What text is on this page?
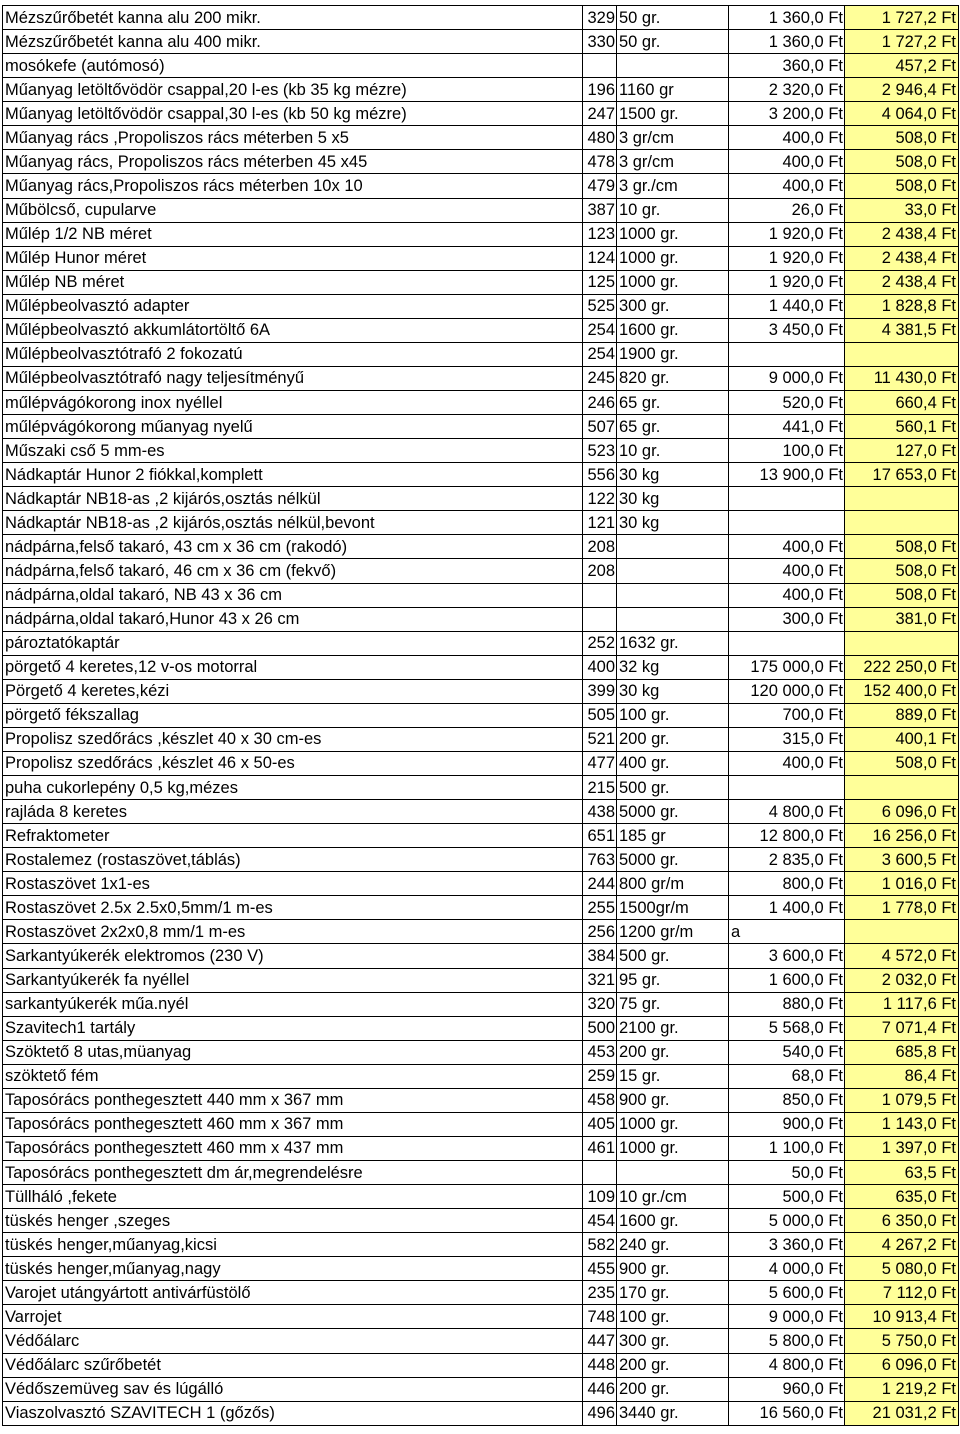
Mézszűrőbetét kanna alu 200 mikr.	329	50 gr.	1 360,0 Ft	1 727,2 Ft
Mézszűrőbetét kanna alu 400 mikr.	330	50 gr.	1 360,0 Ft	1 727,2 Ft
mosókefe (autómosó)			360,0 Ft	457,2 Ft
Műanyag letöltővödör csappal,20 l-es (kb 35 kg mézre)	196	1160 gr	2 320,0 Ft	2 946,4 Ft
Műanyag letöltővödör csappal,30 l-es (kb 50 kg mézre)	247	1500 gr.	3 200,0 Ft	4 064,0 Ft
Műanyag rács ,Propoliszos rács méterben 5 x5	480	3 gr/cm	400,0 Ft	508,0 Ft
Műanyag rács, Propoliszos rács méterben 45 x45	478	3 gr/cm	400,0 Ft	508,0 Ft
Műanyag rács,Propoliszos rács méterben 10x 10	479	3 gr./cm	400,0 Ft	508,0 Ft
Műbölcső, cupularve	387	10 gr.	26,0 Ft	33,0 Ft
Műlép 1/2 NB méret	123	1000 gr.	1 920,0 Ft	2 438,4 Ft
Műlép Hunor méret	124	1000 gr.	1 920,0 Ft	2 438,4 Ft
Műlép NB méret	125	1000 gr.	1 920,0 Ft	2 438,4 Ft
Műlépbeolvasztó adapter	525	300 gr.	1 440,0 Ft	1 828,8 Ft
Műlépbeolvasztó akkumlátortöltő 6A	254	1600 gr.	3 450,0 Ft	4 381,5 Ft
Műlépbeolvasztótrafó 2 fokozatú	254	1900 gr.		
Műlépbeolvasztótrafó nagy teljesítményű	245	820 gr.	9 000,0 Ft	11 430,0 Ft
műlépvágókorong inox nyéllel	246	65 gr.	520,0 Ft	660,4 Ft
műlépvágókorong műanyag nyelű	507	65 gr.	441,0 Ft	560,1 Ft
Műszaki cső 5 mm-es	523	10 gr.	100,0 Ft	127,0 Ft
Nádkaptár Hunor 2 fiókkal,komplett	556	30 kg	13 900,0 Ft	17 653,0 Ft
Nádkaptár NB18-as ,2 kijárós,osztás nélkül	122	30 kg		
Nádkaptár NB18-as ,2 kijárós,osztás nélkül,bevont	121	30 kg		
nádpárna,felső takaró, 43 cm x 36 cm (rakodó)	208		400,0 Ft	508,0 Ft
nádpárna,felső takaró, 46 cm x 36 cm (fekvő)	208		400,0 Ft	508,0 Ft
nádpárna,oldal takaró, NB 43 x 36 cm			400,0 Ft	508,0 Ft
nádpárna,oldal takaró,Hunor 43 x 26 cm			300,0 Ft	381,0 Ft
pároztatókaptár	252	1632 gr.		
pörgető 4 keretes,12 v-os motorral	400	32 kg	175 000,0 Ft	222 250,0 Ft
Pörgető 4 keretes,kézi	399	30 kg	120 000,0 Ft	152 400,0 Ft
pörgető fékszallag	505	100 gr.	700,0 Ft	889,0 Ft
Propolisz szedőrács ,készlet 40 x 30 cm-es	521	200 gr.	315,0 Ft	400,1 Ft
Propolisz szedőrács ,készlet 46 x 50-es	477	400 gr.	400,0 Ft	508,0 Ft
puha cukorlepény 0,5 kg,mézes	215	500 gr.		
rajláda 8 keretes	438	5000 gr.	4 800,0 Ft	6 096,0 Ft
Refraktometer	651	185 gr	12 800,0 Ft	16 256,0 Ft
Rostalemez (rostaszövet,táblás)	763	5000 gr.	2 835,0 Ft	3 600,5 Ft
Rostaszövet 1x1-es	244	800 gr/m	800,0 Ft	1 016,0 Ft
Rostaszövet 2.5x 2.5x0,5mm/1 m-es	255	1500gr/m	1 400,0 Ft	1 778,0 Ft
Rostaszövet 2x2x0,8 mm/1 m-es	256	1200 gr/m	a	
Sarkantyúkerék elektromos (230 V)	384	500 gr.	3 600,0 Ft	4 572,0 Ft
Sarkantyúkerék fa nyéllel	321	95 gr.	1 600,0 Ft	2 032,0 Ft
sarkantyúkerék műa.nyél	320	75 gr.	880,0 Ft	1 117,6 Ft
Szavitech1 tartály	500	2100 gr.	5 568,0 Ft	7 071,4 Ft
Szöktető 8 utas,müanyag	453	200 gr.	540,0 Ft	685,8 Ft
szöktető fém	259	15 gr.	68,0 Ft	86,4 Ft
Taposórács ponthegesztett 440 mm x 367 mm	458	900 gr.	850,0 Ft	1 079,5 Ft
Taposórács ponthegesztett 460 mm x 367 mm	405	1000 gr.	900,0 Ft	1 143,0 Ft
Taposórács ponthegesztett 460 mm x 437 mm	461	1000 gr.	1 100,0 Ft	1 397,0 Ft
Taposórács ponthegesztett dm ár,megrendelésre			50,0 Ft	63,5 Ft
Tüllháló ,fekete	109	10 gr./cm	500,0 Ft	635,0 Ft
tüskés henger ,szeges	454	1600 gr.	5 000,0 Ft	6 350,0 Ft
tüskés henger,műanyag,kicsi	582	240 gr.	3 360,0 Ft	4 267,2 Ft
tüskés henger,műanyag,nagy	455	900 gr.	4 000,0 Ft	5 080,0 Ft
Varojet utángyártott antivárfüstölő	235	170 gr.	5 600,0 Ft	7 112,0 Ft
Varrojet	748	100 gr.	9 000,0 Ft	10 913,4 Ft
Védőálarc	447	300 gr.	5 800,0 Ft	5 750,0 Ft
Védőálarc szűrőbetét	448	200 gr.	4 800,0 Ft	6 096,0 Ft
Védőszemüveg sav és lúgálló	446	200 gr.	960,0 Ft	1 219,2 Ft
Viaszolvasztó SZAVITECH 1 (gőzős)	496	3440 gr.	16 560,0 Ft	21 031,2 Ft
